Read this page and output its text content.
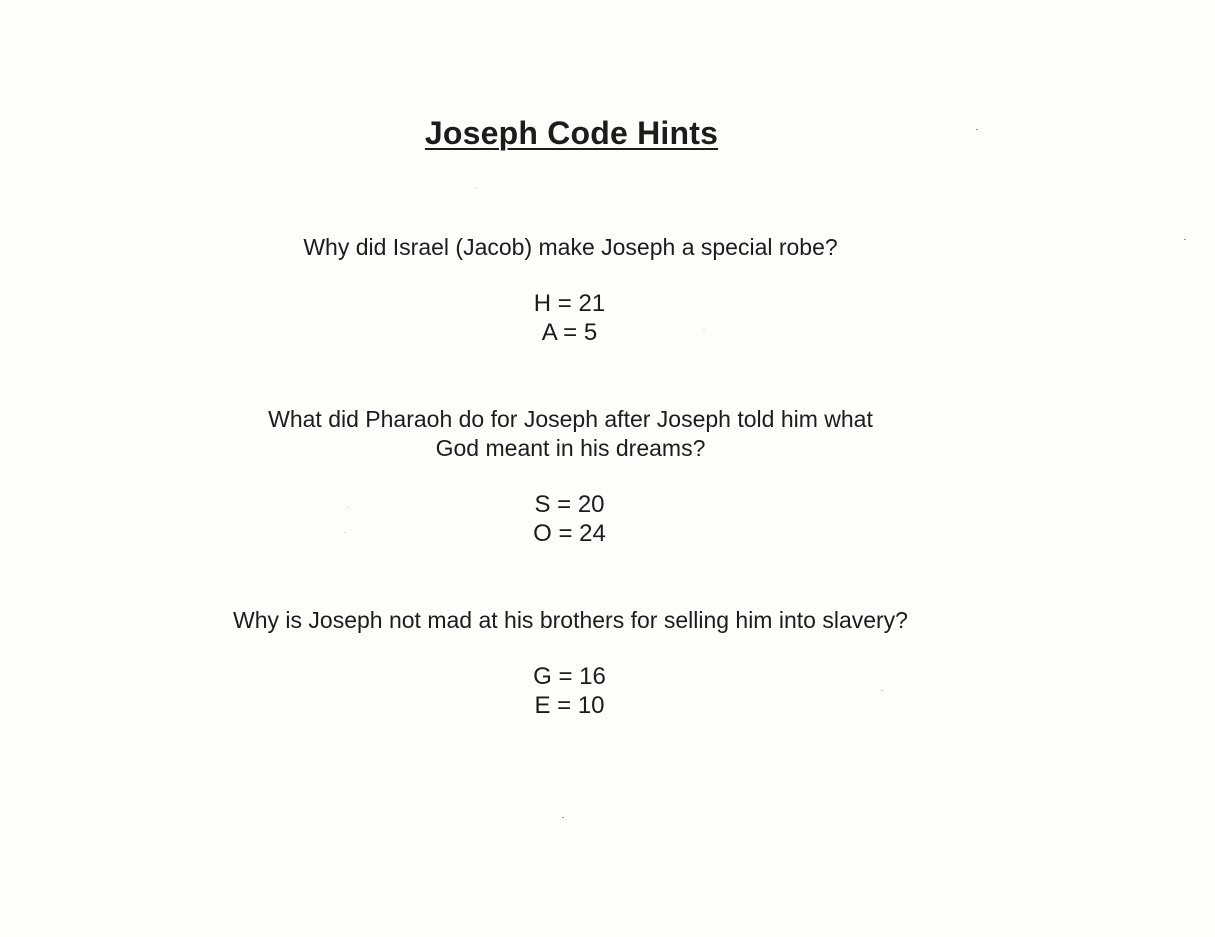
Joseph Code Hints

Why did Israel (Jacob) make Joseph a special robe?

H = 21
A = 5
What did Pharaoh do for Joseph after Joseph told him what
God meant in his dreams?
S = 20
O = 24

Why is Joseph not mad at his brothers for selling him into slavery?

G = 16
E = 10
